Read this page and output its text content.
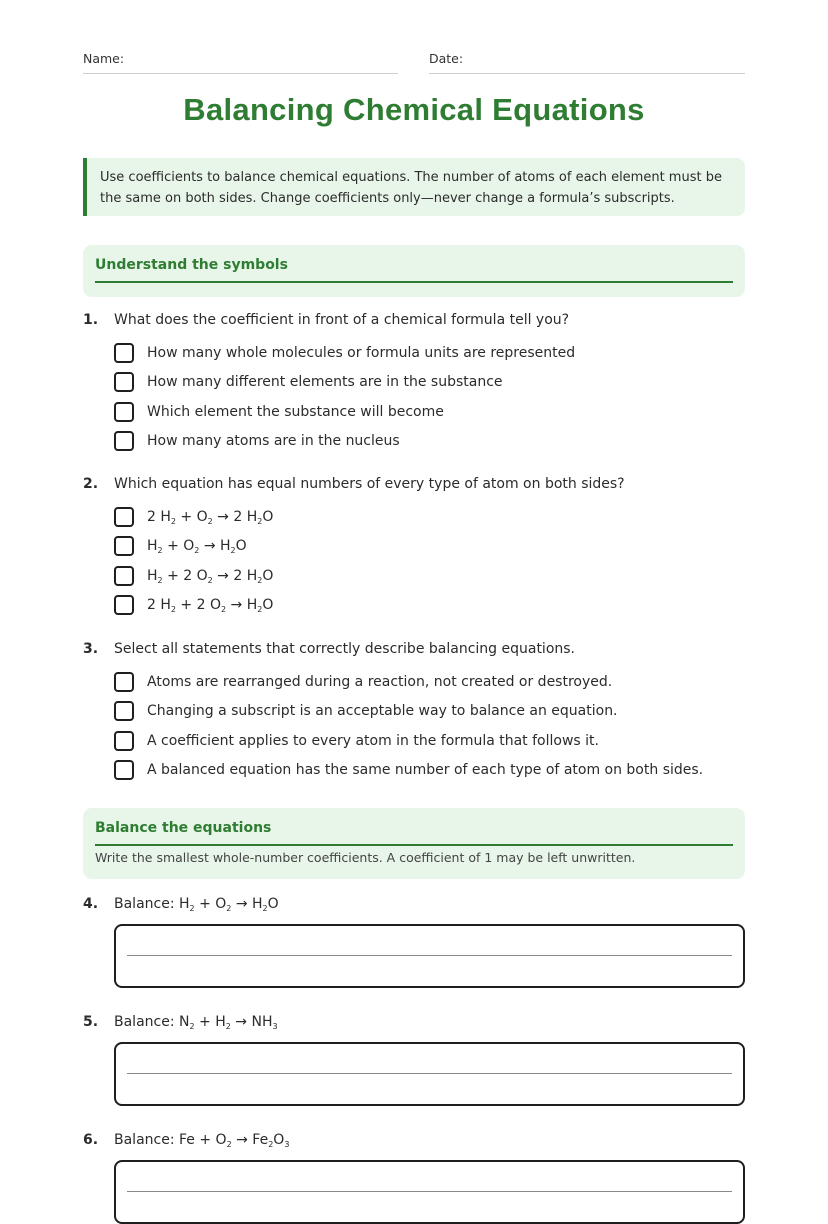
Name:	Date:
Balancing Chemical Equations
Use coefficients to balance chemical equations. The number of atoms of each element must be the same on both sides. Change coefficients only—never change a formula’s subscripts.
Understand the symbols
1. What does the coefficient in front of a chemical formula tell you?
How many whole molecules or formula units are represented
How many different elements are in the substance
Which element the substance will become
How many atoms are in the nucleus
2. Which equation has equal numbers of every type of atom on both sides?
2 $H_2 + O_2 \to 2$ $H_2O$
$H_2 + O_2 \to H_2O$
$H_2 + 2$ $O_2 \to 2$ $H_2O$
2 $H_2 + 2$ $O_2 \to H_2O$
3. Select all statements that correctly describe balancing equations.
Atoms are rearranged during a reaction, not created or destroyed.
Changing a subscript is an acceptable way to balance an equation.
A coefficient applies to every atom in the formula that follows it.
A balanced equation has the same number of each type of atom on both sides.
Balance the equations
Write the smallest whole-number coefficients. A coefficient of 1 may be left unwritten.
4. Balance: $H_2 + O_2 \to H_2O$
5. Balance: $N_2 + H_2 \to NH_3$
6. Balance: $Fe + O_2 \to Fe_2O_3$
